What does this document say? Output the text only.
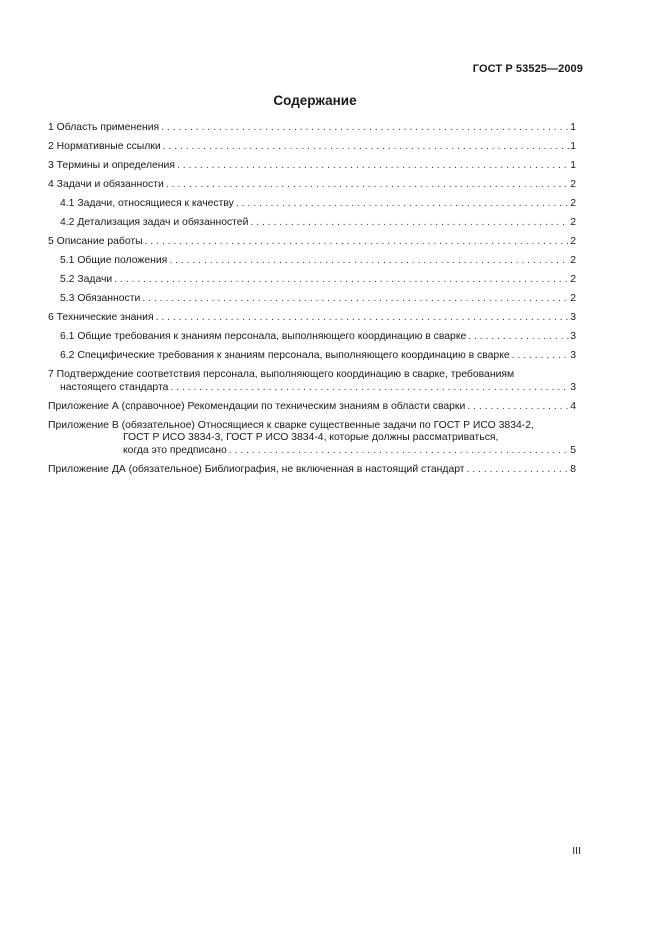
ГОСТ Р 53525—2009
Содержание
1 Область применения . . .	1
2 Нормативные ссылки . . .	1
3 Термины и определения . . .	1
4 Задачи и обязанности . . .	2
4.1 Задачи, относящиеся к качеству . . .	2
4.2 Детализация задач и обязанностей . . .	2
5 Описание работы . . .	2
5.1 Общие положения . . .	2
5.2 Задачи . . .	2
5.3 Обязанности . . .	2
6 Технические знания . . .	3
6.1 Общие требования к знаниям персонала, выполняющего координацию в сварке . . .	3
6.2 Специфические требования к знаниям персонала, выполняющего координацию в сварке . . .	3
7 Подтверждение соответствия персонала, выполняющего координацию в сварке, требованиям
настоящего стандарта . . .	3
Приложение А (справочное) Рекомендации по техническим знаниям в области сварки . . .	4
Приложение В (обязательное) Относящиеся к сварке существенные задачи по ГОСТ Р ИСО 3834-2,
ГОСТ Р ИСО 3834-3, ГОСТ Р ИСО 3834-4, которые должны рассматриваться,
когда это предписано . . .	5
Приложение ДА (обязательное) Библиография, не включенная в настоящий стандарт . . .	8
III
